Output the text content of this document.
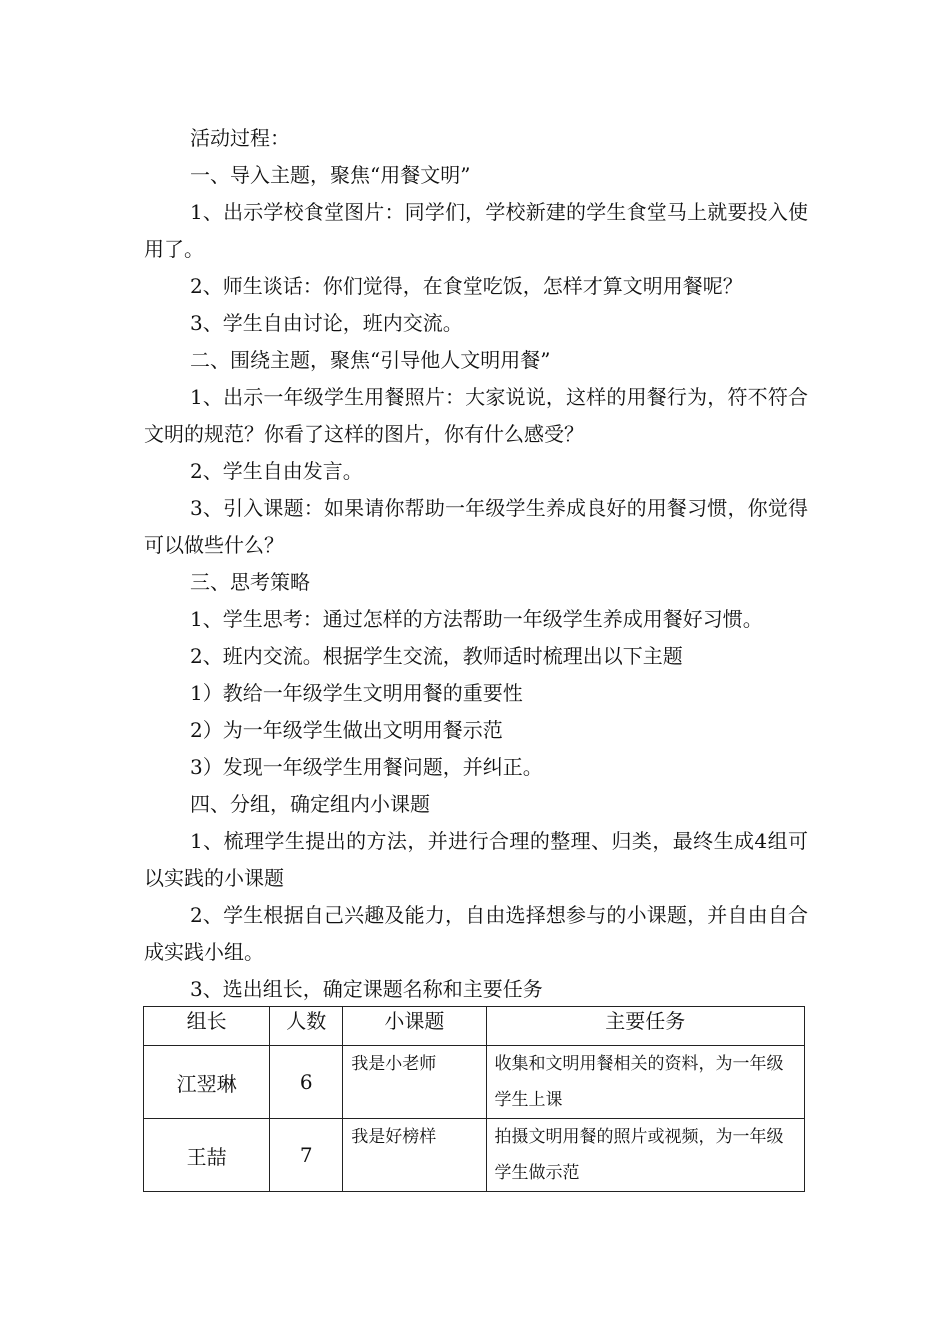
活动过程：

一、导入主题，聚焦“用餐文明”

1、出示学校食堂图片：同学们，学校新建的学生食堂马上就要投入使用了。

2、师生谈话：你们觉得，在食堂吃饭，怎样才算文明用餐呢？

3、学生自由讨论，班内交流。

二、围绕主题，聚焦“引导他人文明用餐”

1、出示一年级学生用餐照片：大家说说，这样的用餐行为，符不符合文明的规范？你看了这样的图片，你有什么感受？

2、学生自由发言。

3、引入课题：如果请你帮助一年级学生养成良好的用餐习惯，你觉得可以做些什么？

三、思考策略

1、学生思考：通过怎样的方法帮助一年级学生养成用餐好习惯。

2、班内交流。根据学生交流，教师适时梳理出以下主题

1）教给一年级学生文明用餐的重要性

2）为一年级学生做出文明用餐示范

3）发现一年级学生用餐问题，并纠正。

四、分组，确定组内小课题

1、梳理学生提出的方法，并进行合理的整理、归类，最终生成4组可以实践的小课题

2、学生根据自己兴趣及能力，自由选择想参与的小课题，并自由自合成实践小组。

3、选出组长，确定课题名称和主要任务

组长	人数	小课题	主要任务
江翌琳	6	我是小老师	收集和文明用餐相关的资料，为一年级学生上课
王喆	7	我是好榜样	拍摄文明用餐的照片或视频，为一年级学生做示范
